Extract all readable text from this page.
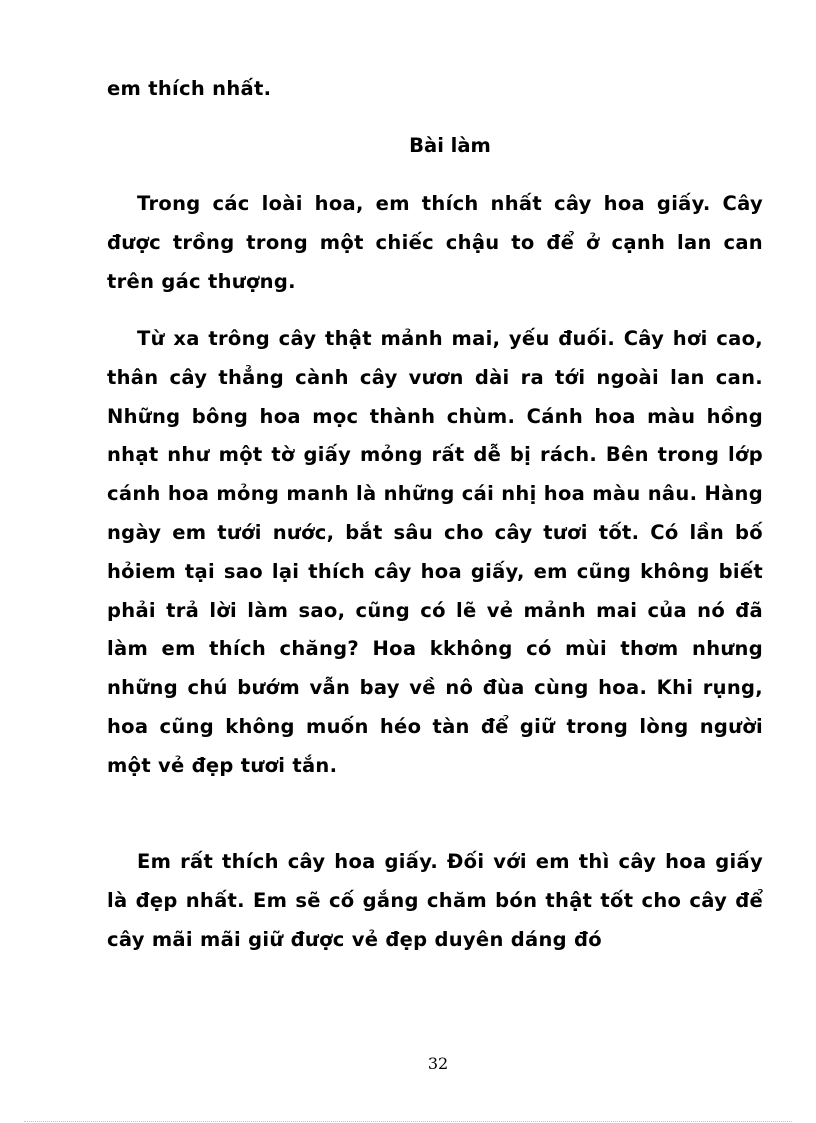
em thích nhất.

Bài làm

Trong các loài hoa, em thích nhất cây hoa giấy. Cây được trồng trong một chiếc chậu to để ở cạnh lan can trên gác thượng.

Từ xa trông cây thật mảnh mai, yếu đuối. Cây hơi cao, thân cây thẳng cành cây vươn dài ra tới ngoài lan can. Những bông hoa mọc thành chùm. Cánh hoa màu hồng nhạt như một tờ giấy mỏng rất dễ bị rách. Bên trong lớp cánh hoa mỏng manh là những cái nhị hoa màu nâu. Hàng ngày em tưới nước, bắt sâu cho cây tươi tốt. Có lần bố hỏiem tại sao lại thích cây hoa giấy, em cũng không biết phải trả lời làm sao, cũng có lẽ vẻ mảnh mai của nó đã làm em thích chăng? Hoa kkhông có mùi thơm nhưng những chú bướm vẫn bay về nô đùa cùng hoa. Khi rụng, hoa cũng không muốn héo tàn để giữ trong lòng người một vẻ đẹp tươi tắn.

Em rất thích cây hoa giấy. Đối với em thì cây hoa giấy là đẹp nhất. Em sẽ cố gắng chăm bón thật tốt cho cây để cây mãi mãi giữ được vẻ đẹp duyên dáng đó

32
